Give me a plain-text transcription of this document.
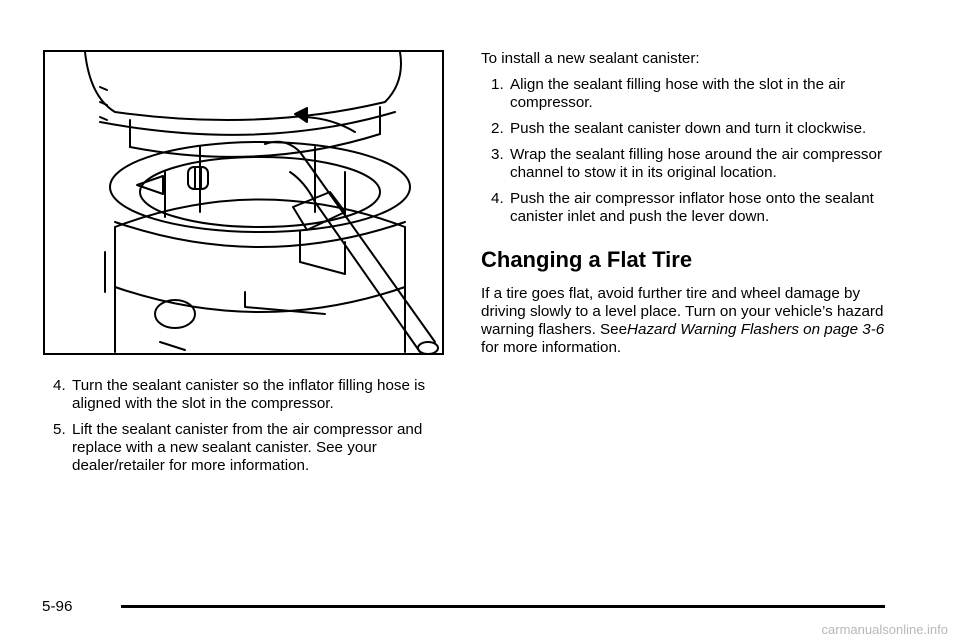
4. Turn the sealant canister so the inflator filling hose is aligned with the slot in the compressor.
5. Lift the sealant canister from the air compressor and replace with a new sealant canister. See your dealer/retailer for more information.

To install a new sealant canister:

1. Align the sealant filling hose with the slot in the air compressor.
2. Push the sealant canister down and turn it clockwise.
3. Wrap the sealant filling hose around the air compressor channel to stow it in its original location.
4. Push the air compressor inflator hose onto the sealant canister inlet and push the lever down.
Changing a Flat Tire

If a tire goes flat, avoid further tire and wheel damage by driving slowly to a level place. Turn on your vehicle’s hazard warning flashers. SeeHazard Warning Flashers on page 3-6 for more information.

5-96
carmanualsonline.info
